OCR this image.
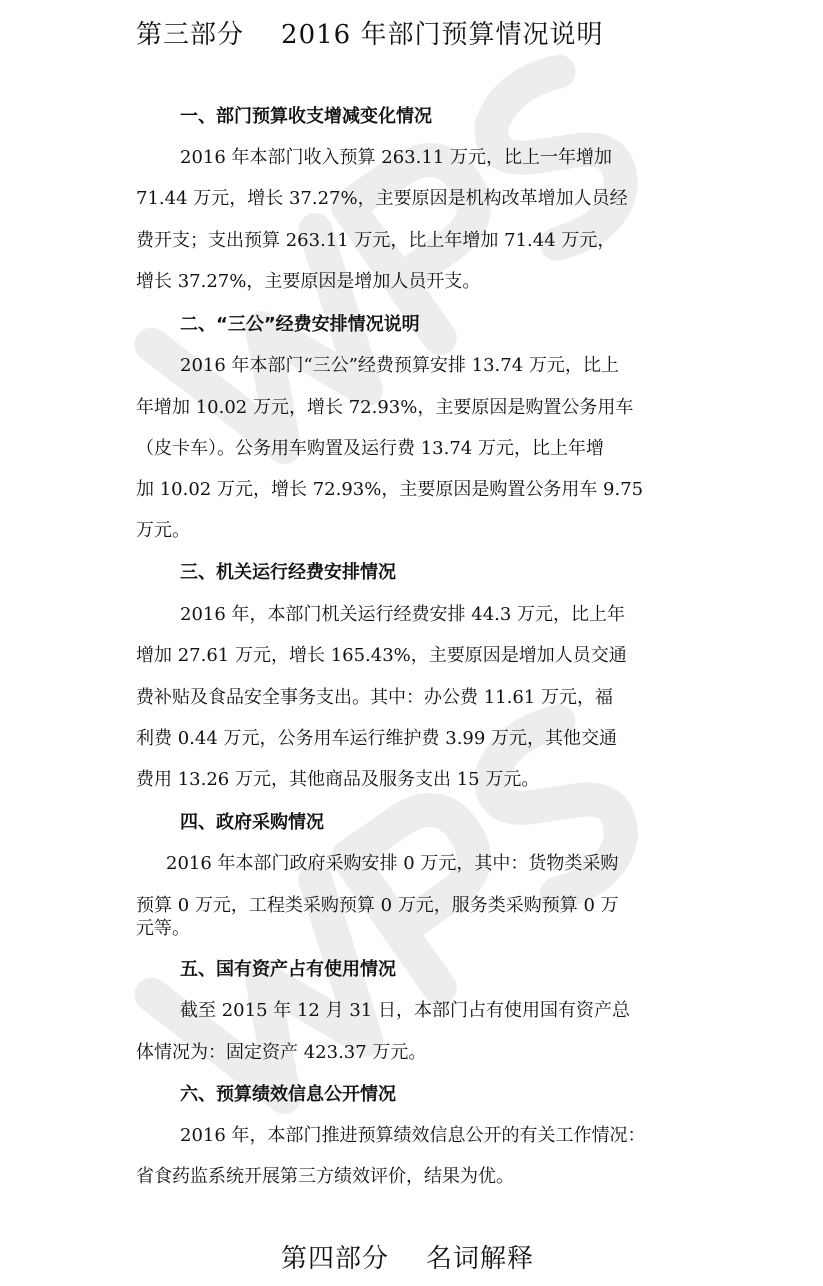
第三部分    2016 年部门预算情况说明
一、部门预算收支增减变化情况
2016 年本部门收入预算 263.11 万元，比上一年增加
71.44 万元，增长 37.27%，主要原因是机构改革增加人员经
费开支；支出预算 263.11 万元，比上年增加 71.44 万元，
增长 37.27%，主要原因是增加人员开支。
二、“三公”经费安排情况说明
2016 年本部门“三公”经费预算安排 13.74 万元，比上
年增加 10.02 万元，增长 72.93%，主要原因是购置公务用车
（皮卡车）。公务用车购置及运行费 13.74 万元，比上年增
加 10.02 万元，增长 72.93%，主要原因是购置公务用车 9.75
万元。
三、机关运行经费安排情况
2016 年，本部门机关运行经费安排 44.3 万元，比上年
增加 27.61 万元，增长 165.43%，主要原因是增加人员交通
费补贴及食品安全事务支出。其中：办公费 11.61 万元，福
利费 0.44 万元，公务用车运行维护费 3.99 万元，其他交通
费用 13.26 万元，其他商品及服务支出 15 万元。
四、政府采购情况
2016 年本部门政府采购安排 0 万元，其中：货物类采购
预算 0 万元，工程类采购预算 0 万元，服务类采购预算 0 万
元等。
五、国有资产占有使用情况
截至 2015 年 12 月 31 日，本部门占有使用国有资产总
体情况为：固定资产 423.37 万元。
六、预算绩效信息公开情况
2016 年，本部门推进预算绩效信息公开的有关工作情况：
省食药监系统开展第三方绩效评价，结果为优。
第四部分    名词解释
